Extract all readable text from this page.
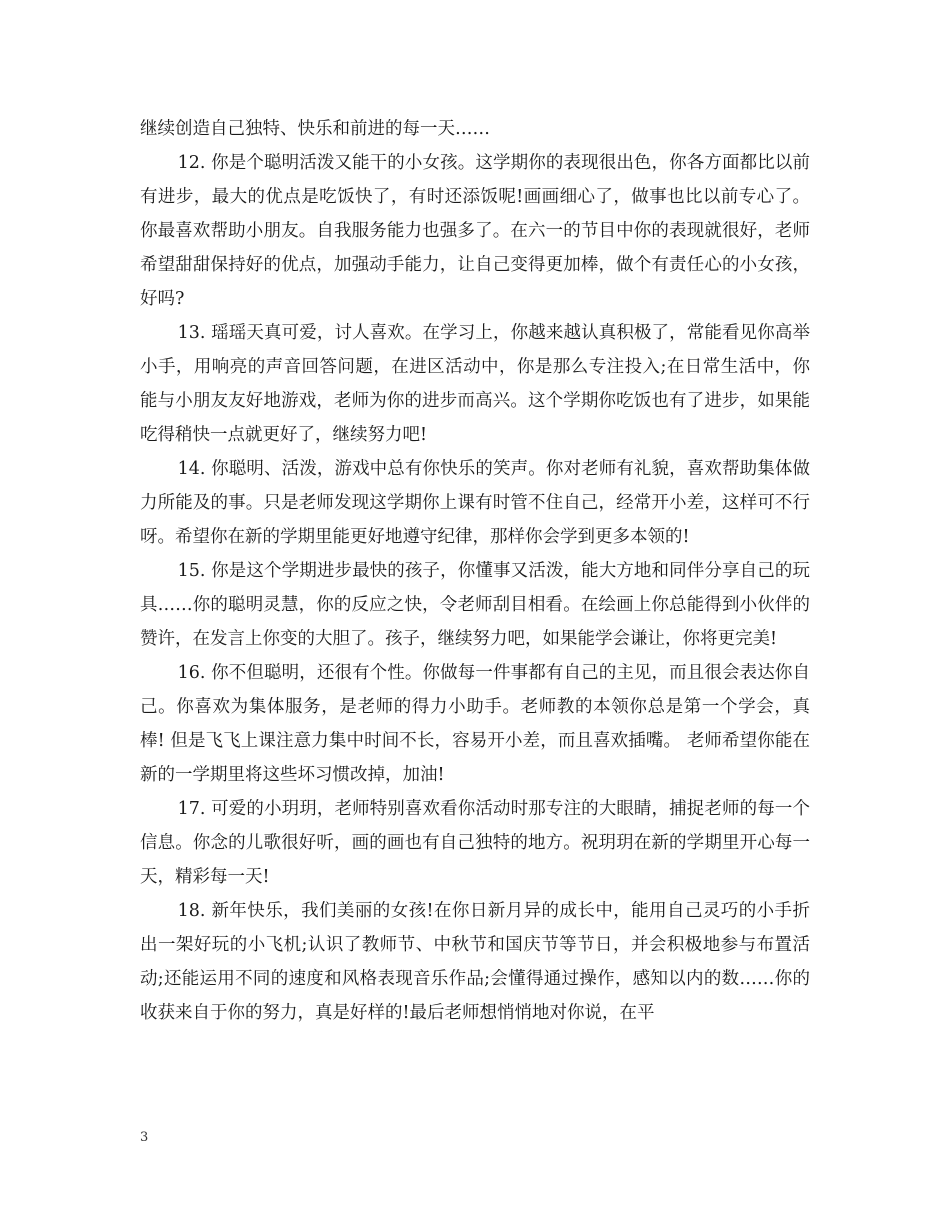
继续创造自己独特、快乐和前进的每一天……

12. 你是个聪明活泼又能干的小女孩。这学期你的表现很出色，你各方面都比以前有进步，最大的优点是吃饭快了，有时还添饭呢!画画细心了，做事也比以前专心了。你最喜欢帮助小朋友。自我服务能力也强多了。在六一的节目中你的表现就很好，老师希望甜甜保持好的优点，加强动手能力，让自己变得更加棒，做个有责任心的小女孩，好吗?

13. 瑶瑶天真可爱，讨人喜欢。在学习上，你越来越认真积极了，常能看见你高举小手，用响亮的声音回答问题，在进区活动中，你是那么专注投入;在日常生活中，你能与小朋友友好地游戏，老师为你的进步而高兴。这个学期你吃饭也有了进步，如果能吃得稍快一点就更好了，继续努力吧!

14. 你聪明、活泼，游戏中总有你快乐的笑声。你对老师有礼貌，喜欢帮助集体做力所能及的事。只是老师发现这学期你上课有时管不住自己，经常开小差，这样可不行呀。希望你在新的学期里能更好地遵守纪律，那样你会学到更多本领的!

15. 你是这个学期进步最快的孩子，你懂事又活泼，能大方地和同伴分享自己的玩具……你的聪明灵慧，你的反应之快，令老师刮目相看。在绘画上你总能得到小伙伴的赞许，在发言上你变的大胆了。孩子，继续努力吧，如果能学会谦让，你将更完美!

16. 你不但聪明，还很有个性。你做每一件事都有自己的主见，而且很会表达你自己。你喜欢为集体服务，是老师的得力小助手。老师教的本领你总是第一个学会，真棒! 但是飞飞上课注意力集中时间不长，容易开小差，而且喜欢插嘴。 老师希望你能在新的一学期里将这些坏习惯改掉，加油!

17. 可爱的小玥玥，老师特别喜欢看你活动时那专注的大眼睛，捕捉老师的每一个信息。你念的儿歌很好听，画的画也有自己独特的地方。祝玥玥在新的学期里开心每一天，精彩每一天!

18. 新年快乐，我们美丽的女孩!在你日新月异的成长中，能用自己灵巧的小手折出一架好玩的小飞机;认识了教师节、中秋节和国庆节等节日，并会积极地参与布置活动;还能运用不同的速度和风格表现音乐作品;会懂得通过操作，感知以内的数……你的收获来自于你的努力，真是好样的!最后老师想悄悄地对你说，在平

3
